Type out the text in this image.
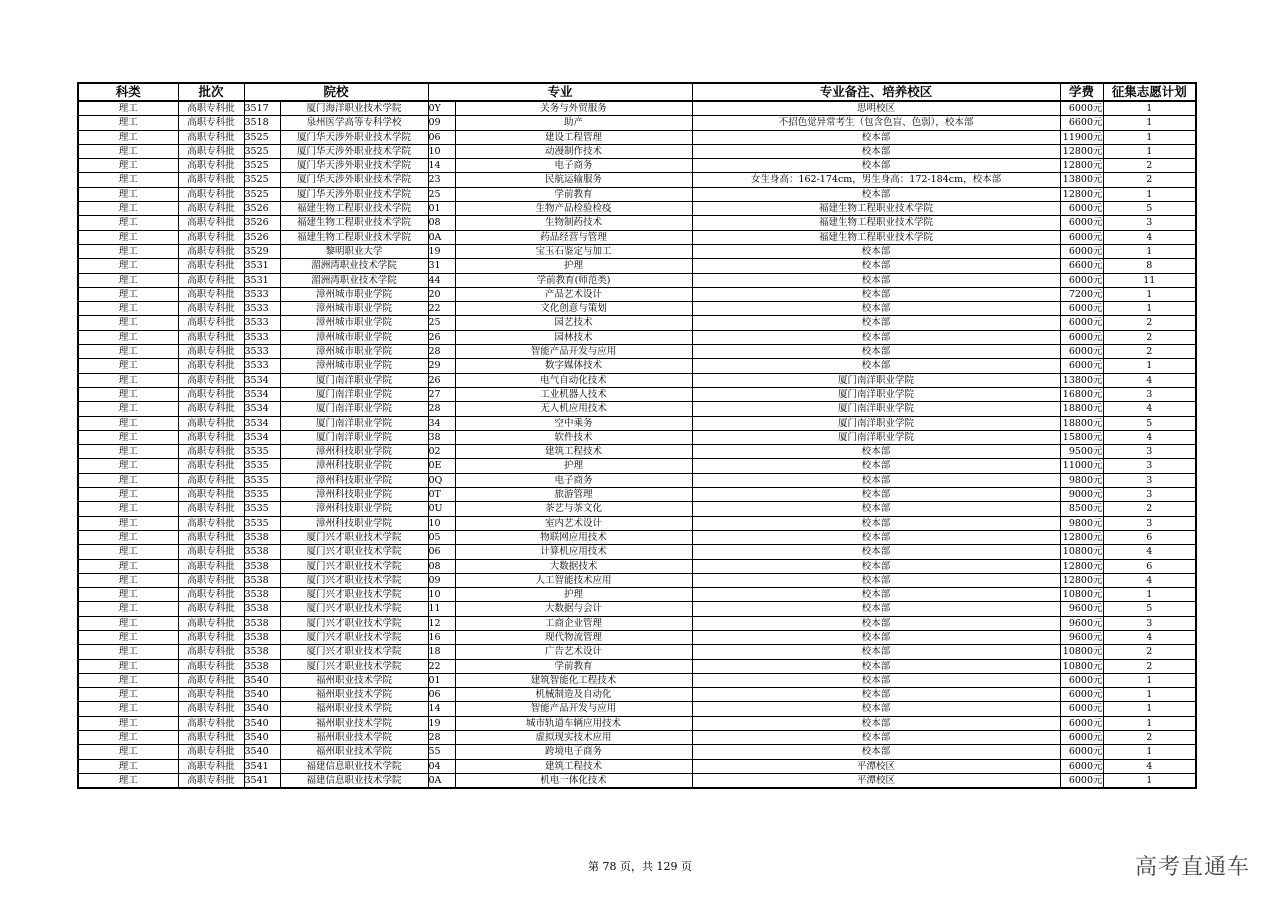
科类	批次	院校		专业		专业备注、培养校区	学费	征集志愿计划
理工	高职专科批	3517	厦门海洋职业技术学院	0Y	关务与外贸服务	思明校区	6000元	1
理工	高职专科批	3518	泉州医学高等专科学校	09	助产	不招色觉异常考生（包含色盲、色弱），校本部	6600元	1
理工	高职专科批	3525	厦门华天涉外职业技术学院	06	建设工程管理	校本部	11900元	1
理工	高职专科批	3525	厦门华天涉外职业技术学院	10	动漫制作技术	校本部	12800元	1
理工	高职专科批	3525	厦门华天涉外职业技术学院	14	电子商务	校本部	12800元	2
理工	高职专科批	3525	厦门华天涉外职业技术学院	23	民航运输服务	女生身高：162-174cm，男生身高：172-184cm，校本部	13800元	2
理工	高职专科批	3525	厦门华天涉外职业技术学院	25	学前教育	校本部	12800元	1
理工	高职专科批	3526	福建生物工程职业技术学院	01	生物产品检验检疫	福建生物工程职业技术学院	6000元	5
理工	高职专科批	3526	福建生物工程职业技术学院	08	生物制药技术	福建生物工程职业技术学院	6000元	3
理工	高职专科批	3526	福建生物工程职业技术学院	0A	药品经营与管理	福建生物工程职业技术学院	6000元	4
理工	高职专科批	3529	黎明职业大学	19	宝玉石鉴定与加工	校本部	6000元	1
理工	高职专科批	3531	湄洲湾职业技术学院	31	护理	校本部	6600元	8
理工	高职专科批	3531	湄洲湾职业技术学院	44	学前教育(师范类)	校本部	6000元	11
理工	高职专科批	3533	漳州城市职业学院	20	产品艺术设计	校本部	7200元	1
理工	高职专科批	3533	漳州城市职业学院	22	文化创意与策划	校本部	6000元	1
理工	高职专科批	3533	漳州城市职业学院	25	园艺技术	校本部	6000元	2
理工	高职专科批	3533	漳州城市职业学院	26	园林技术	校本部	6000元	2
理工	高职专科批	3533	漳州城市职业学院	28	智能产品开发与应用	校本部	6000元	2
理工	高职专科批	3533	漳州城市职业学院	29	数字媒体技术	校本部	6000元	1
理工	高职专科批	3534	厦门南洋职业学院	26	电气自动化技术	厦门南洋职业学院	13800元	4
理工	高职专科批	3534	厦门南洋职业学院	27	工业机器人技术	厦门南洋职业学院	16800元	3
理工	高职专科批	3534	厦门南洋职业学院	28	无人机应用技术	厦门南洋职业学院	18800元	4
理工	高职专科批	3534	厦门南洋职业学院	34	空中乘务	厦门南洋职业学院	18800元	5
理工	高职专科批	3534	厦门南洋职业学院	38	软件技术	厦门南洋职业学院	15800元	4
理工	高职专科批	3535	漳州科技职业学院	02	建筑工程技术	校本部	9500元	3
理工	高职专科批	3535	漳州科技职业学院	0E	护理	校本部	11000元	3
理工	高职专科批	3535	漳州科技职业学院	0Q	电子商务	校本部	9800元	3
理工	高职专科批	3535	漳州科技职业学院	0T	旅游管理	校本部	9000元	3
理工	高职专科批	3535	漳州科技职业学院	0U	茶艺与茶文化	校本部	8500元	2
理工	高职专科批	3535	漳州科技职业学院	10	室内艺术设计	校本部	9800元	3
理工	高职专科批	3538	厦门兴才职业技术学院	05	物联网应用技术	校本部	12800元	6
理工	高职专科批	3538	厦门兴才职业技术学院	06	计算机应用技术	校本部	10800元	4
理工	高职专科批	3538	厦门兴才职业技术学院	08	大数据技术	校本部	12800元	6
理工	高职专科批	3538	厦门兴才职业技术学院	09	人工智能技术应用	校本部	12800元	4
理工	高职专科批	3538	厦门兴才职业技术学院	10	护理	校本部	10800元	1
理工	高职专科批	3538	厦门兴才职业技术学院	11	大数据与会计	校本部	9600元	5
理工	高职专科批	3538	厦门兴才职业技术学院	12	工商企业管理	校本部	9600元	3
理工	高职专科批	3538	厦门兴才职业技术学院	16	现代物流管理	校本部	9600元	4
理工	高职专科批	3538	厦门兴才职业技术学院	18	广告艺术设计	校本部	10800元	2
理工	高职专科批	3538	厦门兴才职业技术学院	22	学前教育	校本部	10800元	2
理工	高职专科批	3540	福州职业技术学院	01	建筑智能化工程技术	校本部	6000元	1
理工	高职专科批	3540	福州职业技术学院	06	机械制造及自动化	校本部	6000元	1
理工	高职专科批	3540	福州职业技术学院	14	智能产品开发与应用	校本部	6000元	1
理工	高职专科批	3540	福州职业技术学院	19	城市轨道车辆应用技术	校本部	6000元	1
理工	高职专科批	3540	福州职业技术学院	28	虚拟现实技术应用	校本部	6000元	2
理工	高职专科批	3540	福州职业技术学院	55	跨境电子商务	校本部	6000元	1
理工	高职专科批	3541	福建信息职业技术学院	04	建筑工程技术	平潭校区	6000元	4
理工	高职专科批	3541	福建信息职业技术学院	0A	机电一体化技术	平潭校区	6000元	1
第 78 页，共 129 页	高考直通车
